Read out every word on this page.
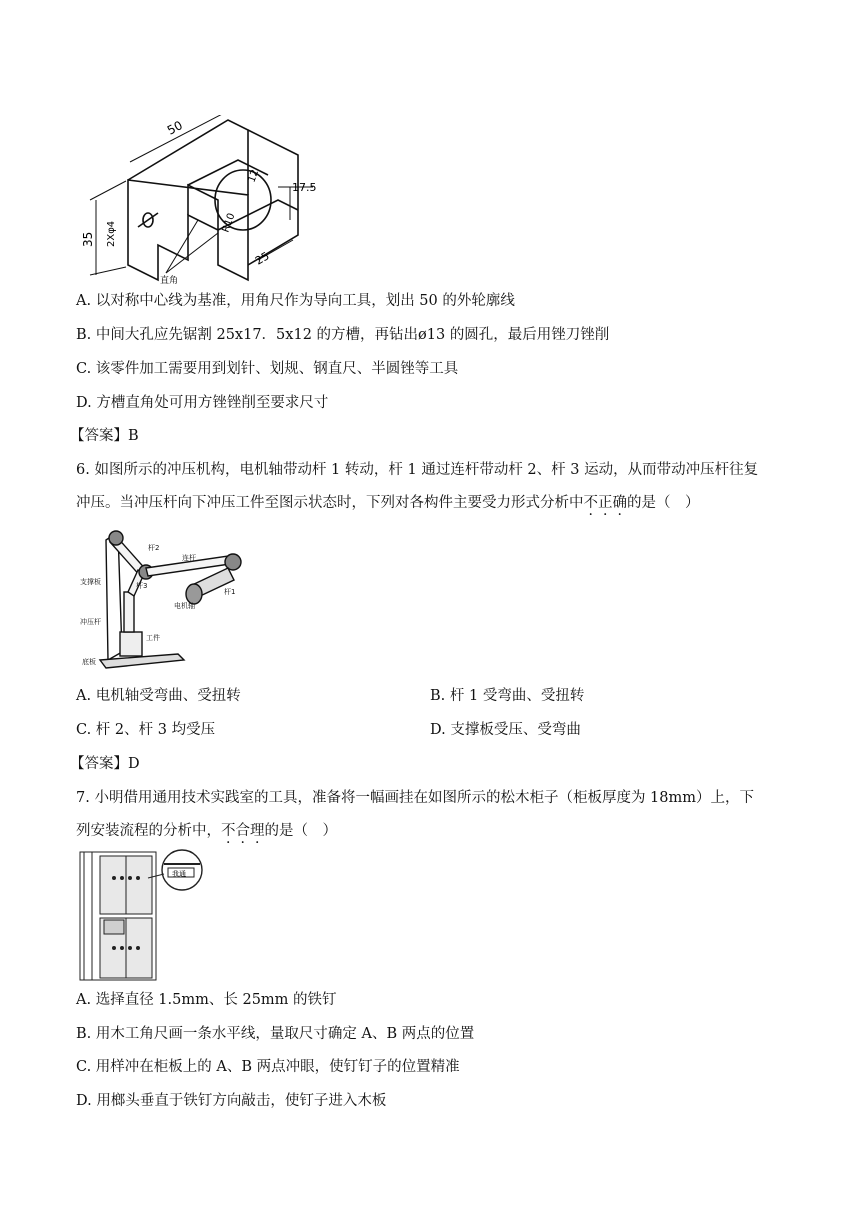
50
12
17.5
R10
25
35 2Xφ4
直角
A. 以对称中心线为基准，用角尺作为导向工具，划出 50 的外轮廓线
B. 中间大孔应先锯割 25x17．5x12 的方槽，再钻出ø13 的圆孔，最后用锉刀锉削
C. 该零件加工需要用到划针、划规、钢直尺、半圆锉等工具
D. 方槽直角处可用方锉锉削至要求尺寸
【答案】B
6. 如图所示的冲压机构，电机轴带动杆 1 转动，杆 1 通过连杆带动杆 2、杆 3 运动，从而带动冲压杆往复
冲压。当冲压杆向下冲压工件至图示状态时，下列对各构件主要受力形式分析中不正确的是（　）
杆2
连杆
支撑板	杆3
电机轴
杆1
冲压杆
工件
底板
A. 电机轴受弯曲、受扭转	B. 杆 1 受弯曲、受扭转
C. 杆 2、杆 3 均受压	D. 支撑板受压、受弯曲
【答案】D
7. 小明借用通用技术实践室的工具，准备将一幅画挂在如图所示的松木柜子（柜板厚度为 18mm）上，下
列安装流程的分析中，不合理的是（　）
我通
A. 选择直径 1.5mm、长 25mm 的铁钉
B. 用木工角尺画一条水平线，量取尺寸确定 A、B 两点的位置
C. 用样冲在柜板上的 A、B 两点冲眼，使钉钉子的位置精准
D. 用榔头垂直于铁钉方向敲击，使钉子进入木板
